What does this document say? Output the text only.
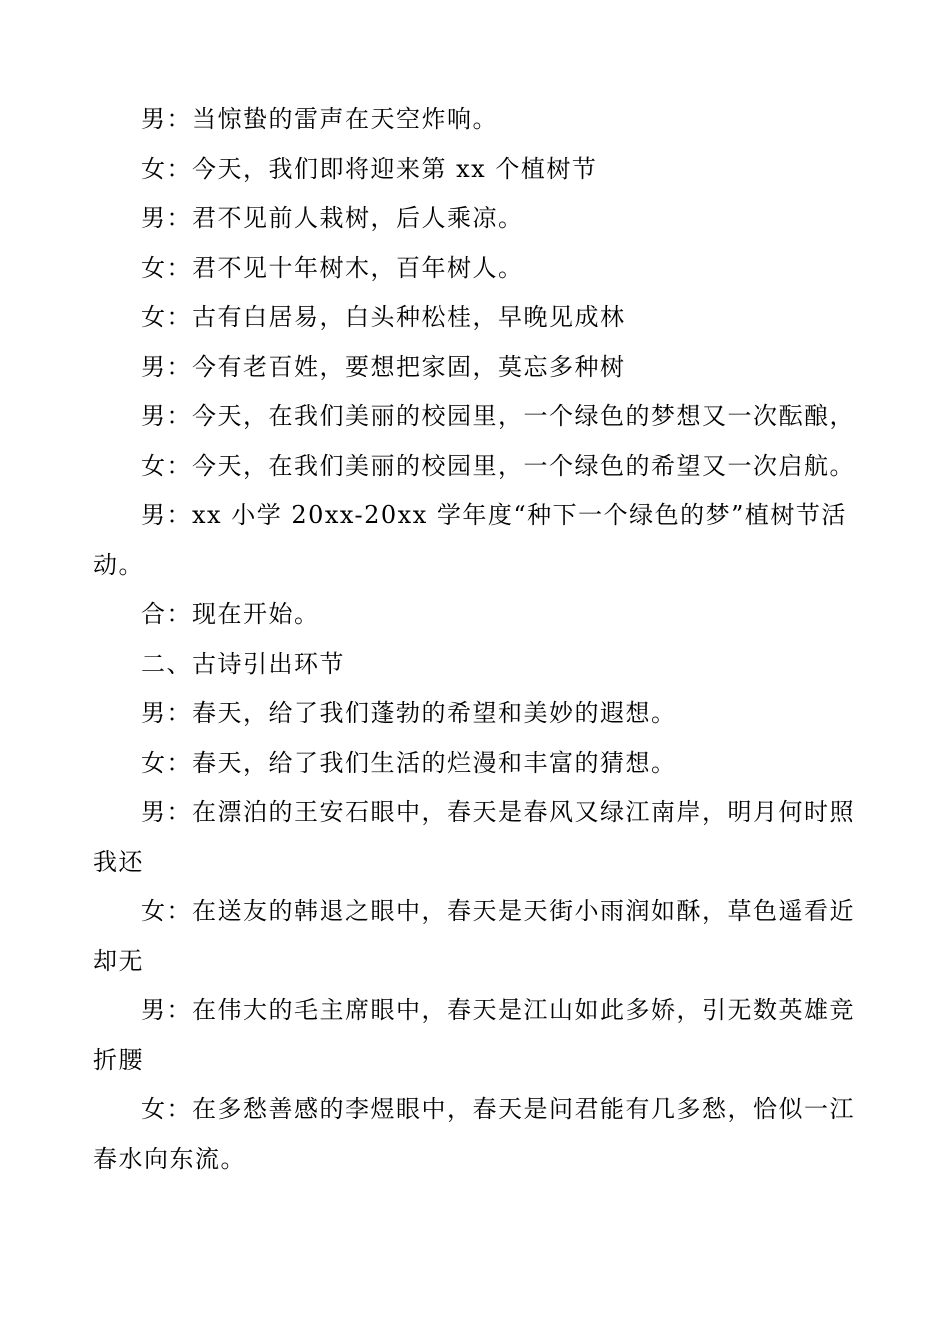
男：当惊蛰的雷声在天空炸响。

女：今天，我们即将迎来第 xx 个植树节

男：君不见前人栽树，后人乘凉。

女：君不见十年树木，百年树人。

女：古有白居易，白头种松桂，早晚见成林

男：今有老百姓，要想把家固，莫忘多种树

男：今天，在我们美丽的校园里，一个绿色的梦想又一次酝酿，

女：今天，在我们美丽的校园里，一个绿色的希望又一次启航。

男：xx 小学 20xx-20xx 学年度“种下一个绿色的梦”植树节活动。

合：现在开始。

二、古诗引出环节

男：春天，给了我们蓬勃的希望和美妙的遐想。

女：春天，给了我们生活的烂漫和丰富的猜想。

男：在漂泊的王安石眼中，春天是春风又绿江南岸，明月何时照我还

女：在送友的韩退之眼中，春天是天街小雨润如酥，草色遥看近却无

男：在伟大的毛主席眼中，春天是江山如此多娇，引无数英雄竞折腰

女：在多愁善感的李煜眼中，春天是问君能有几多愁，恰似一江春水向东流。
